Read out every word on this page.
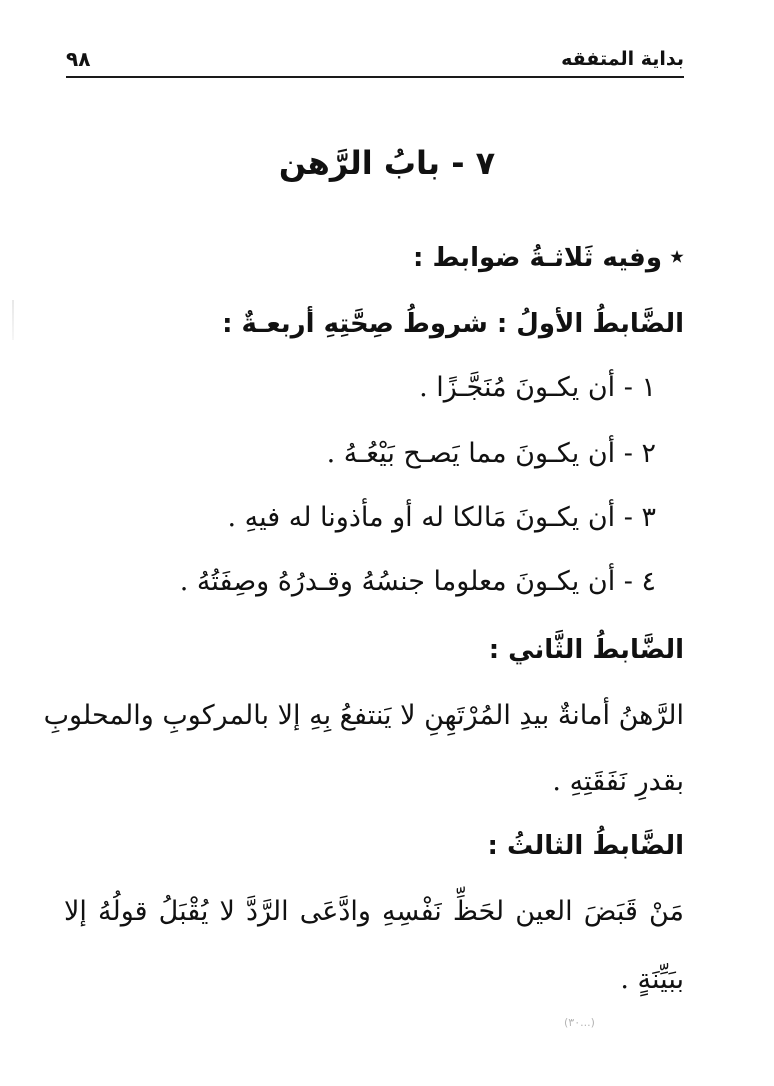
٩٨	بداية المتفقه
٧ - بابُ الرَّهن
وفيه ثَلاثـةُ ضوابط :
الضَّابطُ الأولُ : شروطُ صِحَّتِهِ أربعـةٌ :
١ - أن يكـونَ مُنَجَّـزًا .
٢ - أن يكـونَ مما يَصـح بَيْعُـهُ .
٣ - أن يكـونَ مَالكا له أو مأذونا له فيهِ .
٤ - أن يكـونَ معلوما جنسُهُ وقـدرُهُ وصِفَتُهُ .
الضَّابطُ الثَّاني :
الرَّهنُ أمانةٌ بيدِ المُرْتَهِنِ لا يَنتفعُ بِهِ إلا بالمركوبِ والمحلوبِ
بقدرِ نَفَقَتِهِ .
الضَّابطُ الثالثُ :
مَنْ قَبَضَ العين لحَظِّ نَفْسِهِ وادَّعَى الرَّدَّ لا يُقْبَلُ قولُهُ إلا
ببَيِّنَةٍ .
(٣٠...)
